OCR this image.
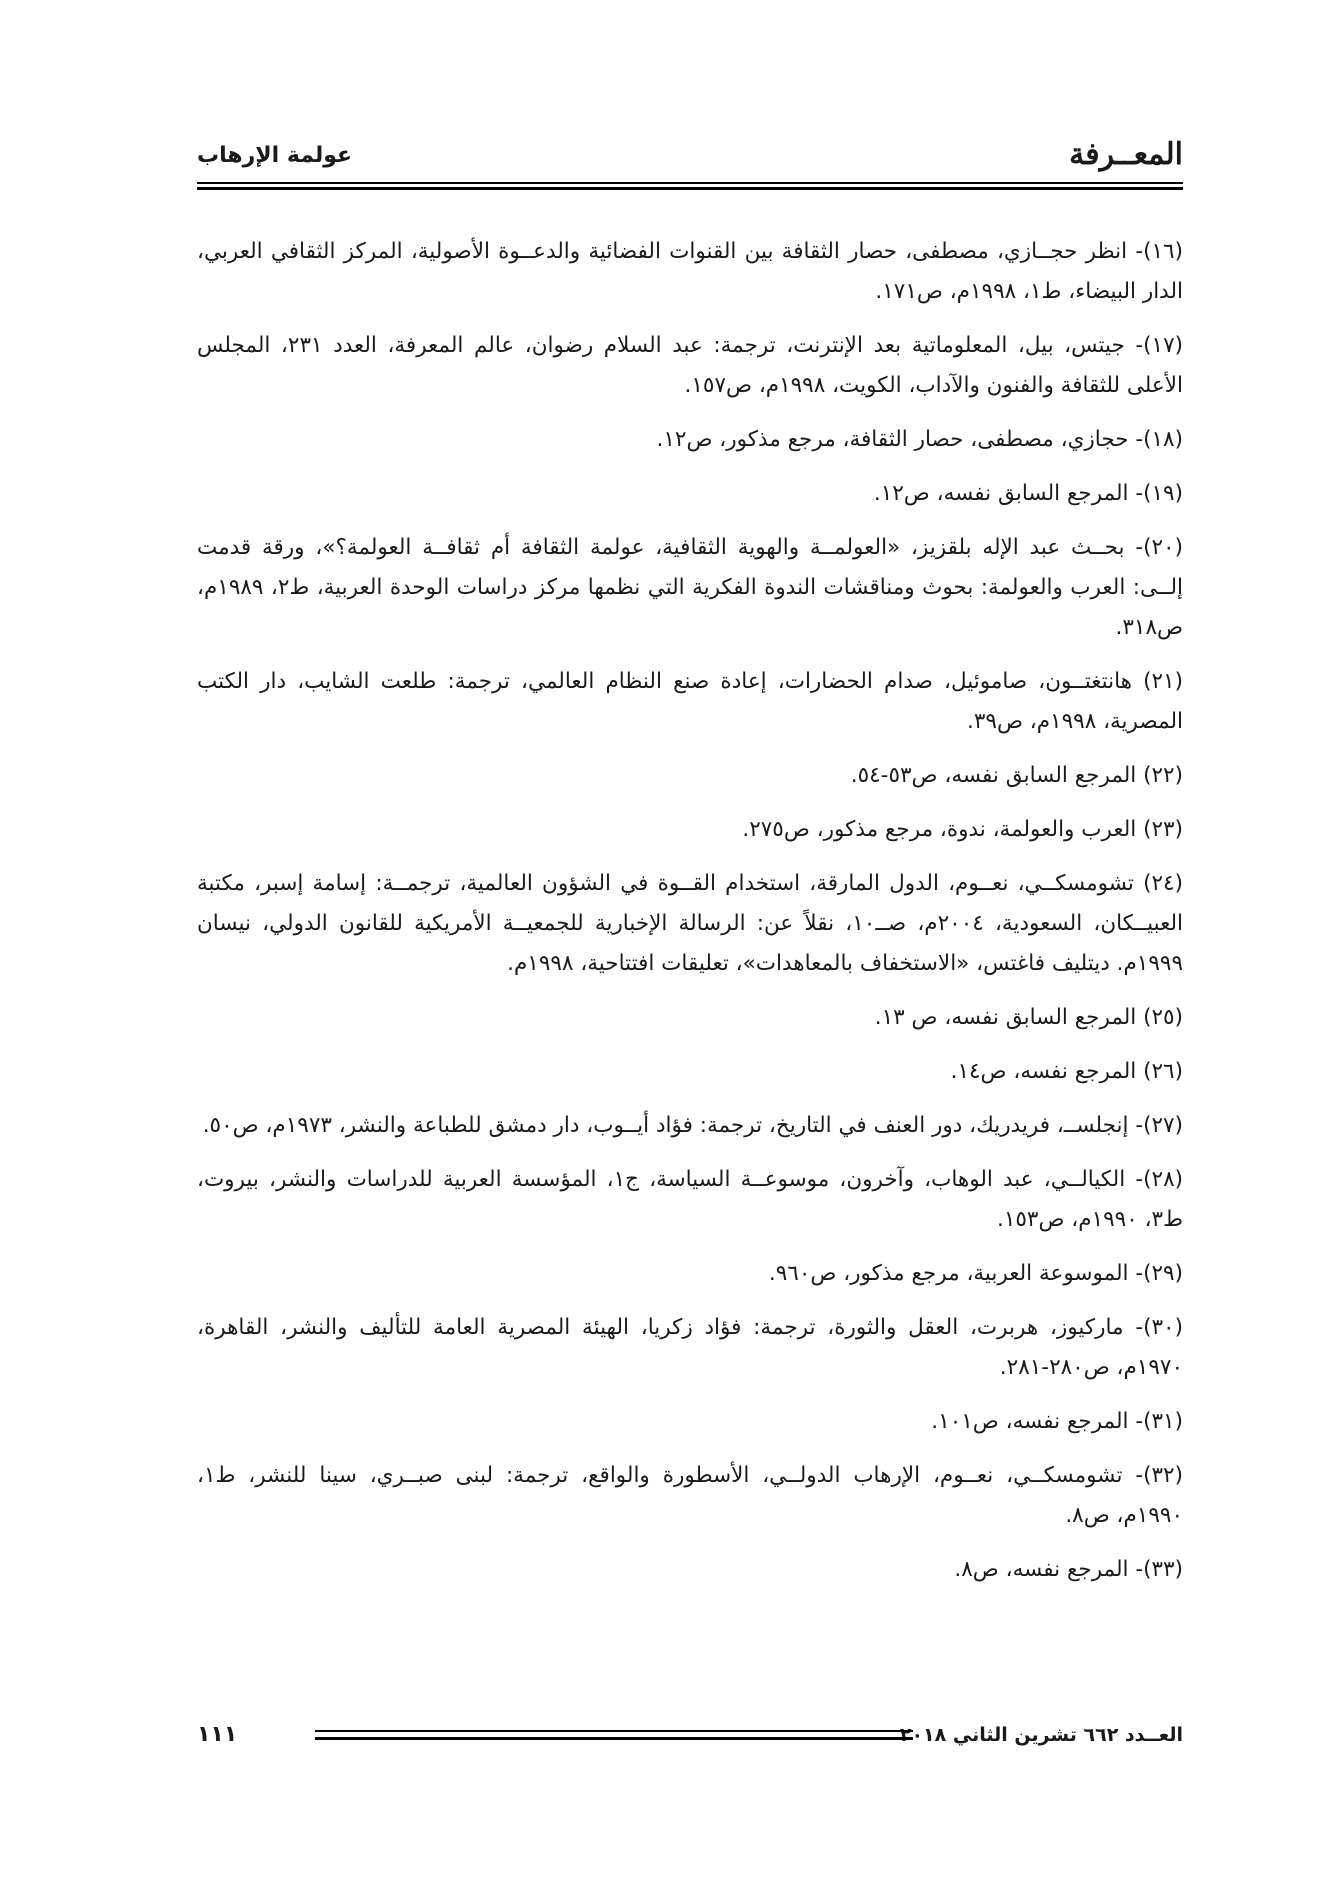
المعــرفة
عولمة الإرهاب
(١٦)- انظر حجــازي، مصطفى، حصار الثقافة بين القنوات الفضائية والدعــوة الأصولية، المركز الثقافي العربي، الدار البيضاء، ط١، ١٩٩٨م، ص١٧١.
(١٧)- جيتس، بيل، المعلوماتية بعد الإنترنت، ترجمة: عبد السلام رضوان، عالم المعرفة، العدد ٢٣١، المجلس الأعلى للثقافة والفنون والآداب، الكويت، ١٩٩٨م، ص١٥٧.
(١٨)- حجازي، مصطفى، حصار الثقافة، مرجع مذكور، ص١٢.
(١٩)- المرجع السابق نفسه، ص١٢.
(٢٠)- بحــث عبد الإله بلقزيز، «العولمــة والهوية الثقافية، عولمة الثقافة أم ثقافــة العولمة؟»، ورقة قدمت إلــى: العرب والعولمة: بحوث ومناقشات الندوة الفكرية التي نظمها مركز دراسات الوحدة العربية، ط٢، ١٩٨٩م، ص٣١٨.
(٢١) هانتغتــون، صاموئيل، صدام الحضارات، إعادة صنع النظام العالمي، ترجمة: طلعت الشايب، دار الكتب المصرية، ١٩٩٨م، ص٣٩.
(٢٢) المرجع السابق نفسه، ص٥٣-٥٤.
(٢٣) العرب والعولمة، ندوة، مرجع مذكور، ص٢٧٥.
(٢٤) تشومسكــي، نعــوم، الدول المارقة، استخدام القــوة في الشؤون العالمية، ترجمــة: إسامة إسبر، مكتبة العبيــكان، السعودية، ٢٠٠٤م، صــ١٠، نقلاً عن: الرسالة الإخبارية للجمعيــة الأمريكية للقانون الدولي، نيسان ١٩٩٩م. ديتليف فاغتس، «الاستخفاف بالمعاهدات»، تعليقات افتتاحية، ١٩٩٨م.
(٢٥) المرجع السابق نفسه، ص ١٣.
(٢٦) المرجع نفسه، ص١٤.
(٢٧)- إنجلســ، فريدريك، دور العنف في التاريخ، ترجمة: فؤاد أيــوب، دار دمشق للطباعة والنشر، ١٩٧٣م، ص٥٠.
(٢٨)- الكيالــي، عبد الوهاب، وآخرون، موسوعــة السياسة، ج١، المؤسسة العربية للدراسات والنشر، بيروت، ط٣، ١٩٩٠م، ص١٥٣.
(٢٩)- الموسوعة العربية، مرجع مذكور، ص٩٦٠.
(٣٠)- ماركيوز، هربرت، العقل والثورة، ترجمة: فؤاد زكريا، الهيئة المصرية العامة للتأليف والنشر، القاهرة، ١٩٧٠م، ص٢٨٠-٢٨١.
(٣١)- المرجع نفسه، ص١٠١.
(٣٢)- تشومسكــي، نعــوم، الإرهاب الدولــي، الأسطورة والواقع، ترجمة: لبنى صبــري، سينا للنشر، ط١، ١٩٩٠م، ص٨.
(٣٣)- المرجع نفسه، ص٨.
العــدد ٦٦٢ تشرين الثاني ٢٠١٨
١١١
